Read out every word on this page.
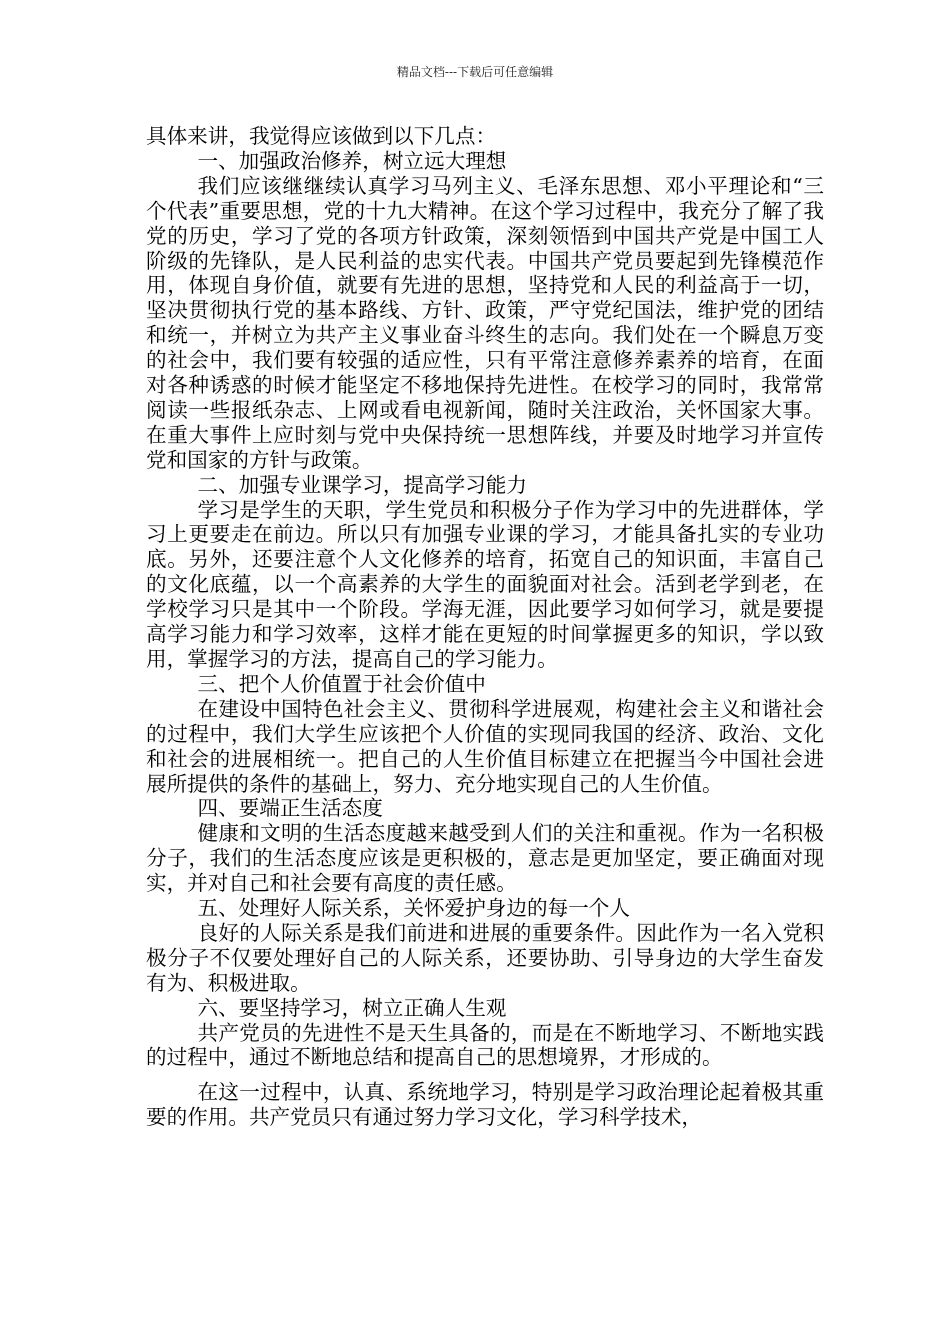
精品文档---下载后可任意编辑
具体来讲，我觉得应该做到以下几点：
一、加强政治修养，树立远大理想
我们应该继继续认真学习马列主义、毛泽东思想、邓小平理论和“三个代表”重要思想，党的十九大精神。在这个学习过程中，我充分了解了我党的历史，学习了党的各项方针政策，深刻领悟到中国共产党是中国工人阶级的先锋队，是人民利益的忠实代表。中国共产党员要起到先锋模范作用，体现自身价值，就要有先进的思想，坚持党和人民的利益高于一切，坚决贯彻执行党的基本路线、方针、政策，严守党纪国法，维护党的团结和统一，并树立为共产主义事业奋斗终生的志向。我们处在一个瞬息万变的社会中，我们要有较强的适应性，只有平常注意修养素养的培育，在面对各种诱惑的时候才能坚定不移地保持先进性。在校学习的同时，我常常阅读一些报纸杂志、上网或看电视新闻，随时关注政治，关怀国家大事。在重大事件上应时刻与党中央保持统一思想阵线，并要及时地学习并宣传党和国家的方针与政策。
二、加强专业课学习，提高学习能力
学习是学生的天职，学生党员和积极分子作为学习中的先进群体，学习上更要走在前边。所以只有加强专业课的学习，才能具备扎实的专业功底。另外，还要注意个人文化修养的培育，拓宽自己的知识面，丰富自己的文化底蕴，以一个高素养的大学生的面貌面对社会。活到老学到老，在学校学习只是其中一个阶段。学海无涯，因此要学习如何学习，就是要提高学习能力和学习效率，这样才能在更短的时间掌握更多的知识，学以致用，掌握学习的方法，提高自己的学习能力。
三、把个人价值置于社会价值中
在建设中国特色社会主义、贯彻科学进展观，构建社会主义和谐社会的过程中，我们大学生应该把个人价值的实现同我国的经济、政治、文化和社会的进展相统一。把自己的人生价值目标建立在把握当今中国社会进展所提供的条件的基础上，努力、充分地实现自己的人生价值。
四、要端正生活态度
健康和文明的生活态度越来越受到人们的关注和重视。作为一名积极分子，我们的生活态度应该是更积极的，意志是更加坚定，要正确面对现实，并对自己和社会要有高度的责任感。
五、处理好人际关系，关怀爱护身边的每一个人
良好的人际关系是我们前进和进展的重要条件。因此作为一名入党积极分子不仅要处理好自己的人际关系，还要协助、引导身边的大学生奋发有为、积极进取。
六、要坚持学习，树立正确人生观
共产党员的先进性不是天生具备的，而是在不断地学习、不断地实践的过程中，通过不断地总结和提高自己的思想境界，才形成的。
在这一过程中，认真、系统地学习，特别是学习政治理论起着极其重要的作用。共产党员只有通过努力学习文化，学习科学技术，
